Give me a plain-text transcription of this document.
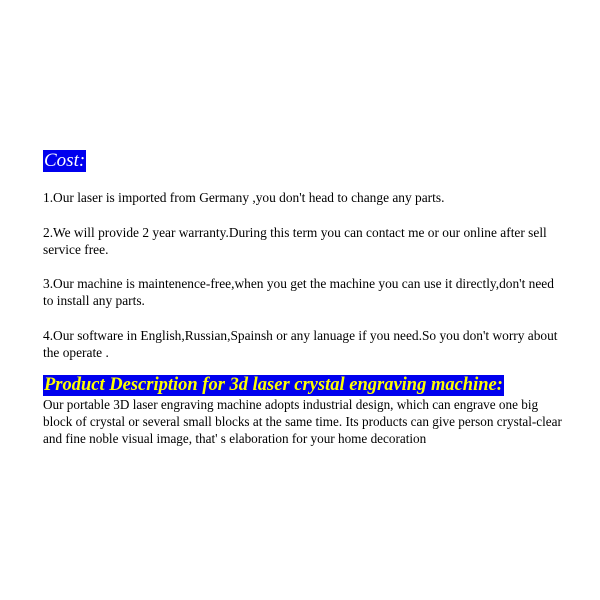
Cost:

1.Our laser is imported from Germany ,you don't head to change any parts.

2.We will provide 2 year warranty.During this term you can contact me or our online after sell service free.

3.Our machine is maintenence-free,when you get the machine you can use it directly,don't need to install any parts.

4.Our software in English,Russian,Spainsh or any lanuage if you need.So you don't worry about the operate .

Product Description for 3d laser crystal engraving machine:

Our portable 3D laser engraving machine adopts industrial design, which can engrave one big block of crystal or several small blocks at the same time. Its products can give person crystal-clear and fine noble visual image, that' s elaboration for your home decoration
